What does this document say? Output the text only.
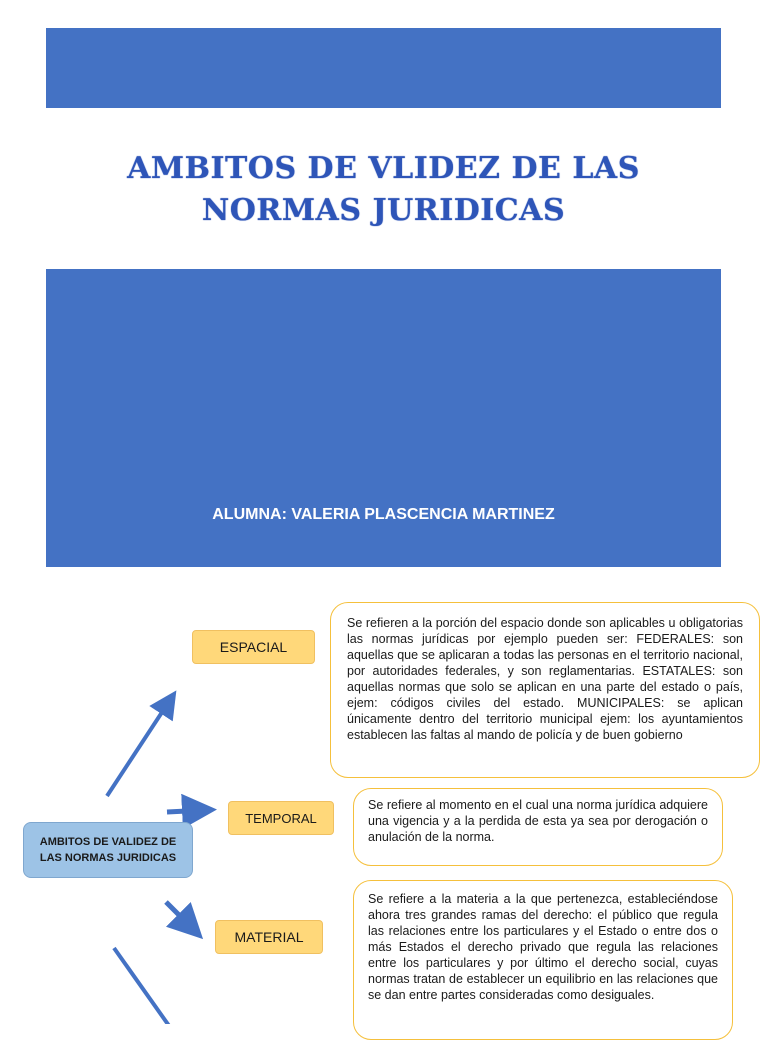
AMBITOS DE VLIDEZ DE LAS NORMAS JURIDICAS
ALUMNA: VALERIA PLASCENCIA MARTINEZ
AMBITOS DE VALIDEZ DE LAS NORMAS JURIDICAS
ESPACIAL
Se refieren a la porción del espacio donde son aplicables u obligatorias las normas jurídicas por ejemplo pueden ser: FEDERALES: son aquellas que se aplicaran a todas las personas en el territorio nacional, por autoridades federales, y son reglamentarias. ESTATALES: son aquellas normas que solo se aplican en una parte del estado o país, ejem: códigos civiles del estado. MUNICIPALES: se aplican únicamente dentro del territorio municipal ejem: los ayuntamientos establecen las faltas al mando de policía y de buen gobierno
TEMPORAL
Se refiere al momento en el cual una norma jurídica adquiere una vigencia y a la perdida de esta ya sea por derogación o anulación de la norma.
MATERIAL
Se refiere a la materia a la que pertenezca, estableciéndose ahora tres grandes ramas del derecho: el público que regula las relaciones entre los particulares y el Estado o entre dos o más Estados el derecho privado que regula las relaciones entre los particulares y por último el derecho social, cuyas normas tratan de establecer un equilibrio en las relaciones que se dan entre partes consideradas como desiguales.
